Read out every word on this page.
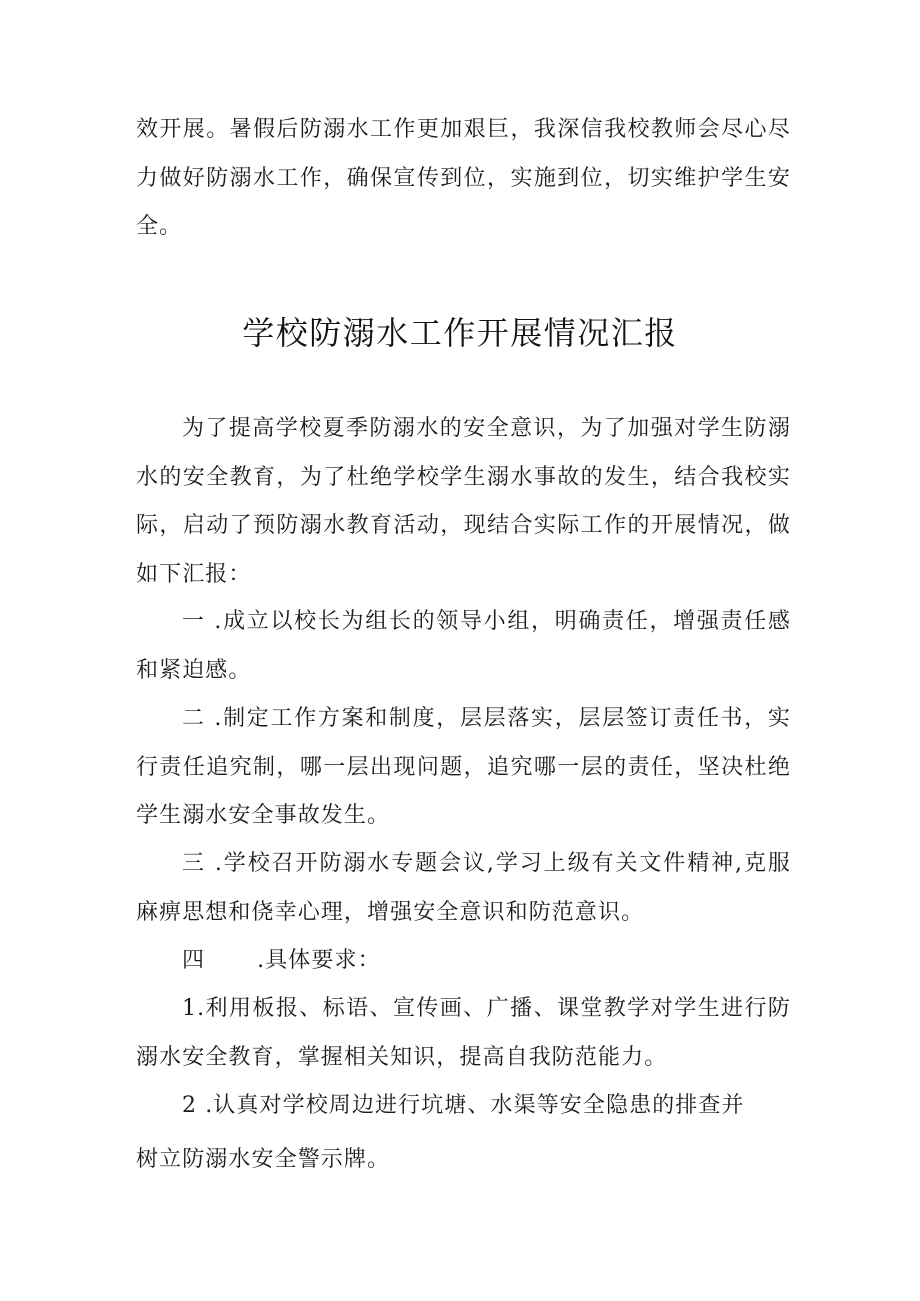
效开展。暑假后防溺水工作更加艰巨，我深信我校教师会尽心尽力做好防溺水工作，确保宣传到位，实施到位，切实维护学生安全。

学校防溺水工作开展情况汇报

为了提高学校夏季防溺水的安全意识，为了加强对学生防溺水的安全教育，为了杜绝学校学生溺水事故的发生，结合我校实际，启动了预防溺水教育活动，现结合实际工作的开展情况，做如下汇报：

一 .成立以校长为组长的领导小组，明确责任，增强责任感和紧迫感。

二 .制定工作方案和制度，层层落实，层层签订责任书，实行责任追究制，哪一层出现问题，追究哪一层的责任，坚决杜绝学生溺水安全事故发生。

三 .学校召开防溺水专题会议,学习上级有关文件精神,克服麻痹思想和侥幸心理，增强安全意识和防范意识。

四 .具体要求：

1.利用板报、标语、宣传画、广播、课堂教学对学生进行防溺水安全教育，掌握相关知识，提高自我防范能力。

2 .认真对学校周边进行坑塘、水渠等安全隐患的排查并

树立防溺水安全警示牌。
